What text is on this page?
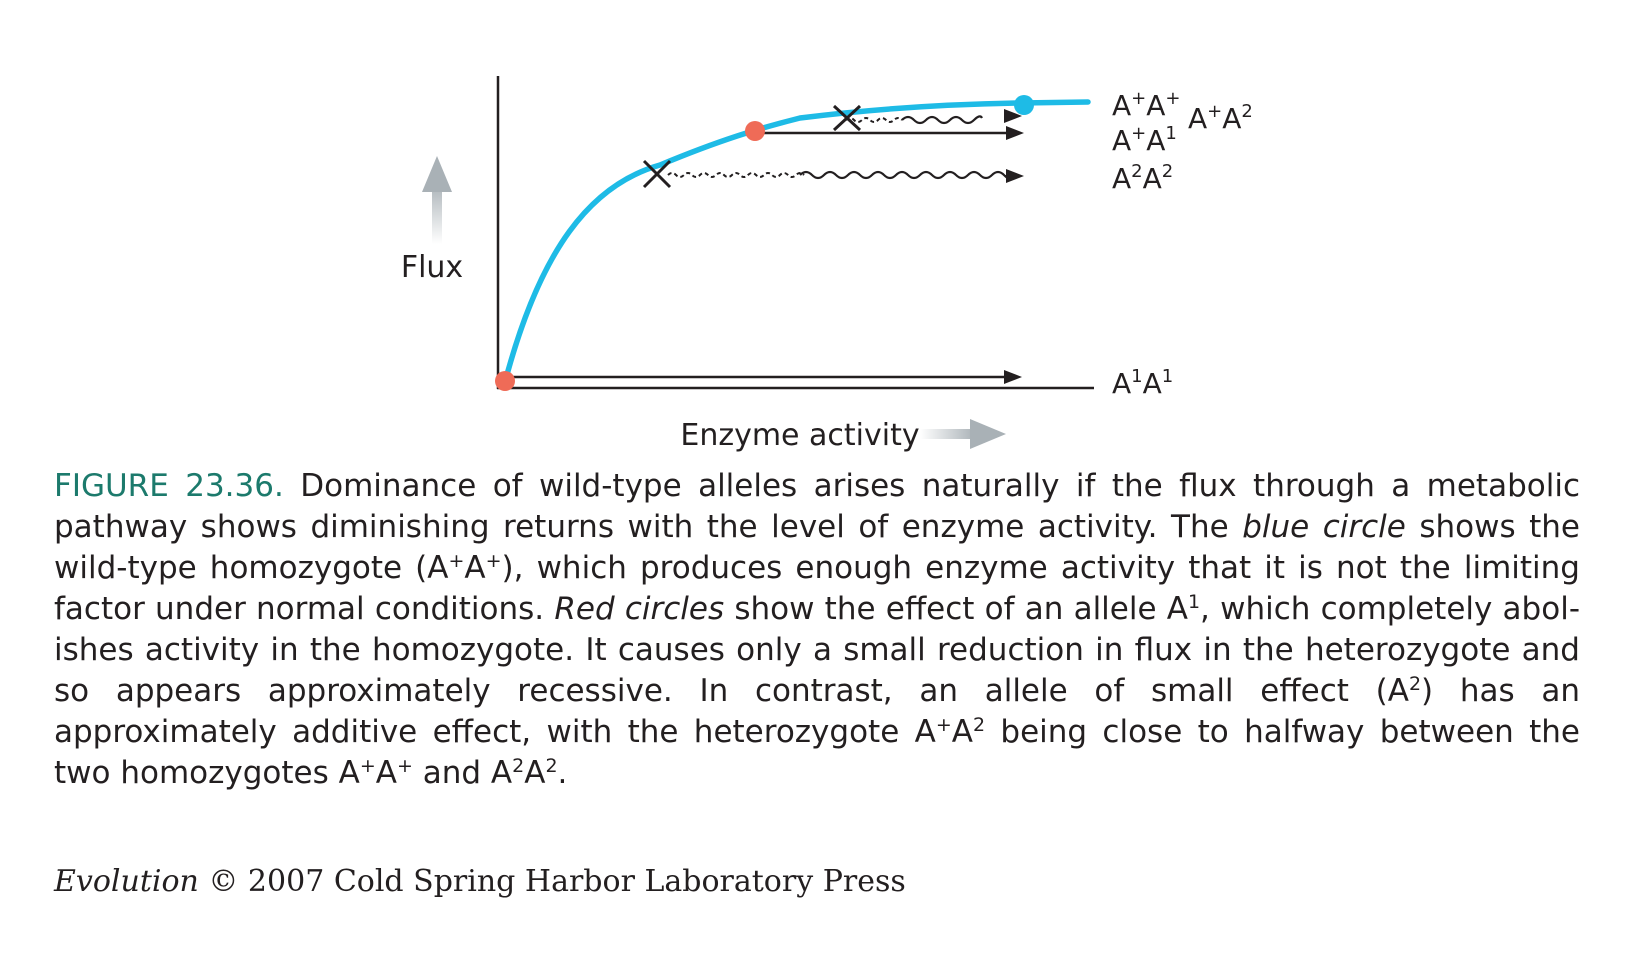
Flux
Enzyme activity
A+A+
$A^+A^2$
$A^+A^1$
$A^2A^2$
$A^1A^1$
FIGURE 23.36. Dominance of wild-type alleles arises naturally if the flux through a metabolic pathway shows diminishing returns with the level of enzyme activity. The blue circle shows the wild-type homozygote (A+A+), which produces enough enzyme activity that it is not the limiting factor under normal conditions. Red circles show the effect of an allele $A^1$, which completely abolishes activity in the homozygote. It causes only a small reduction in flux in the heterozygote and so appears approximately recessive. In contrast, an allele of small effect $(A^2)$ has an approximately additive effect, with the heterozygote $A^+A^2$ being close to halfway between the two homozygotes A+A+ and $A^2A^2$.
Evolution © 2007 Cold Spring Harbor Laboratory Press
